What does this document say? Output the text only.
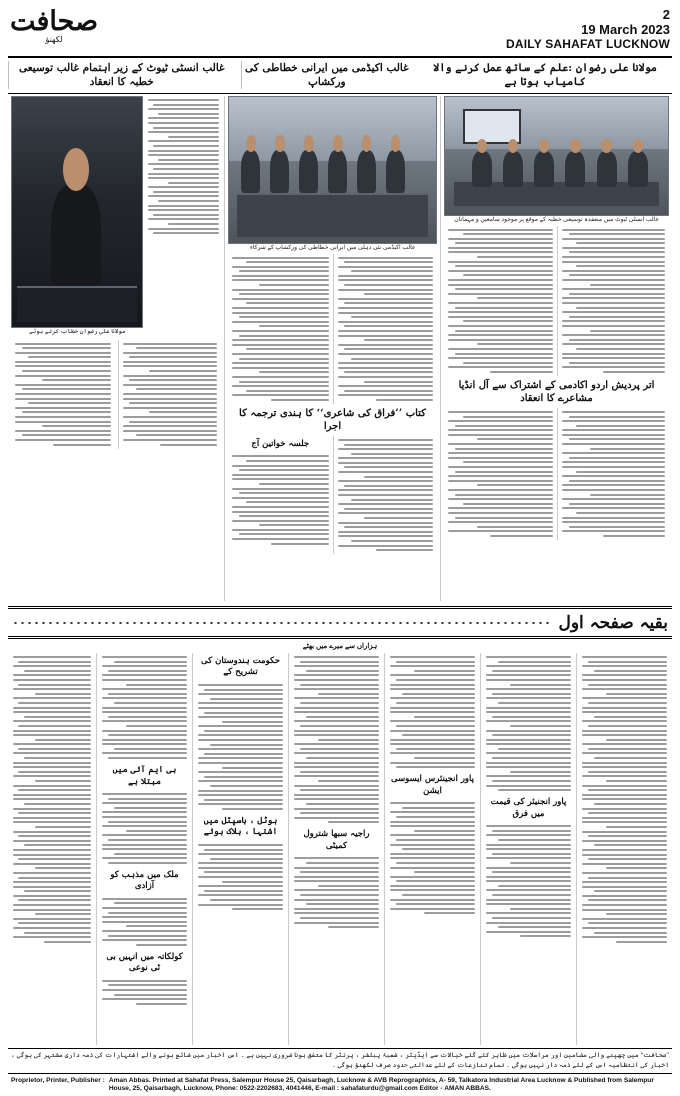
صحافت
لکھنؤ
2
19 March 2023
DAILY SAHAFAT LUCKNOW
غالب انسٹی ٹیوٹ کے زیر اہتمام غالب توسیعی خطبہ کا انعقاد
غالب اکیڈمی میں ایرانی خطاطی کی ورکشاپ
مولانا علی رضوان :علم کے ساتھ عمل کرنے والا کامیاب ہوتا ہے
غالب انسٹی ٹیوٹ میں منعقدہ توسیعی خطبہ کے موقع پر موجود سامعین و مہمانان
اتر پردیش اردو اکادمی کے اشتراک سے آل انڈیا مشاعرے کا انعقاد
غالب اکیڈمی نئی دہلی میں ایرانی خطاطی کی ورکشاپ کے شرکاء
کتاب ’’فراق کی شاعری‘‘ کا ہندی ترجمہ کا اجرا
جلسہ خواتین آج
مولانا علی رضوان خطاب کرتے ہوئے
بقیہ صفحہ اول
ہزاراں سے میرے میں بھٹے
پاور انجنیئر کی قیمت میں فرق
پاور انجینئرس ایسوسی ایشن
راجیہ سبھا شترول کمیٹی
حکومت ہندوستان کی تشریح کے
ہوٹل ، ہاسپٹل میں اشتہا ، ہلاک ہوئے
بی ایم آئی میں مبتلا ہے
ملک میں مذہب کو آزادی
کولکاتہ میں انہیں بی ٹی نوعی
’’صحافت‘‘ میں چھپنے والی مضامین اور مراسلات میں ظاہر کئے گئے خیالات سے ایڈیٹر ، شعبۂ پبلشر ، پرنٹر کا متفق ہونا ضروری نہیں ہے ۔ اس اخبار میں شائع ہونے والے اشتہارات کی ذمہ داری مشتہر کی ہوگی ، اخبار کی انتظامیہ اس کے لئے ذمہ دار نہیں ہوگی ۔ تمام تنازعات کے لئے عدالتی حدود صرف لکھنؤ ہوگی ۔
Proprietor, Printer, Publisher : Aman Abbas. Printed at Sahafat Press, Salempur House 25, Qaisarbagh, Lucknow & AVB Reprographics, A- 59, Talkatora Industrial Area Lucknow & Published from Salempur House, 25, Qaisarbagh, Lucknow, Phone: 0522-2202683, 4041446, E-mail : sahafaturdu@gmail.com Editor - AMAN ABBAS.
